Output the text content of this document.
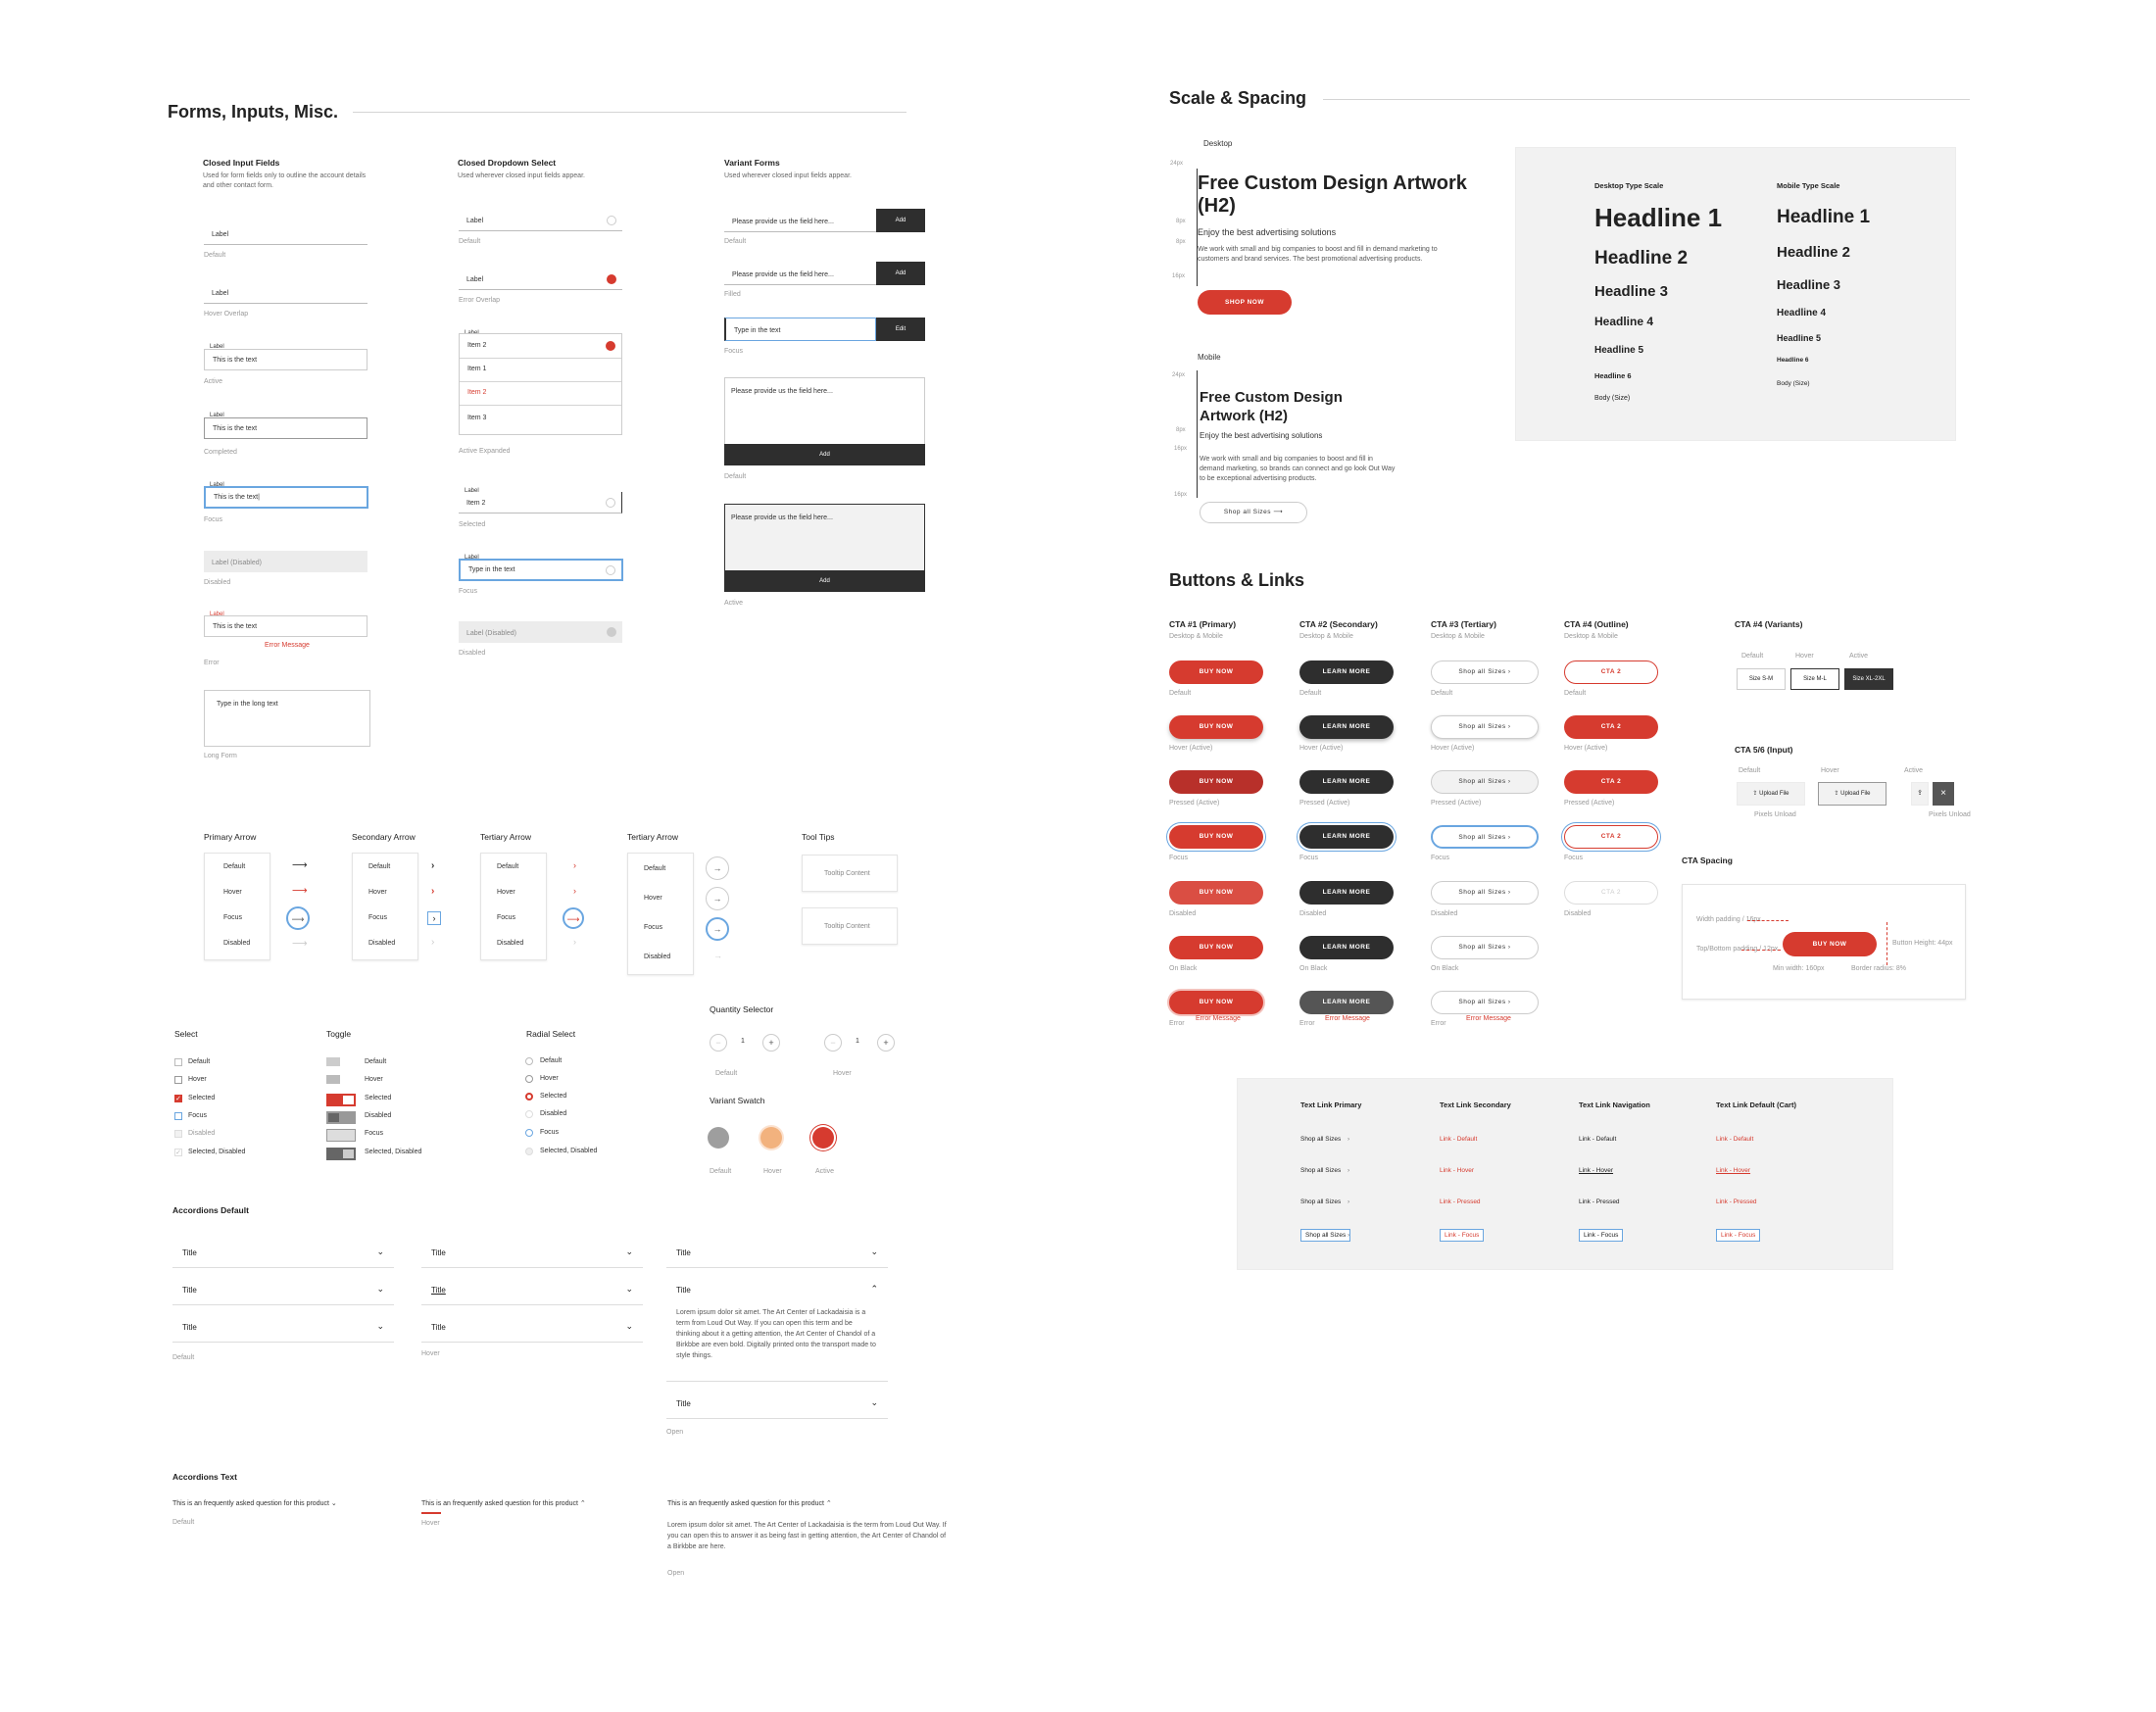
Forms, Inputs, Misc.
Closed Input Fields
Used for form fields only to outline the account details and other contact form.
Label
Default
Label
Hover Overlap
Label
This is the text
Active
Label
This is the text
Completed
Label
This is the text|
Focus
Label (Disabled)
Disabled
Label
This is the text
Error Message
Error
Type in the long text
Long Form
Closed Dropdown Select
Used wherever closed input fields appear.
Label
Default
Label
Error Overlap
Item 2
Item 1
Item 2
Item 3
Active Expanded
Label
Item 2
Selected
Label
Type in the text
Focus
Label (Disabled)
Disabled
Variant Forms
Used wherever closed input fields appear.
Please provide us the field here...	Add
Default
Please provide us the field here...	Add
Filled
Type in the text	Edit
Focus
Please provide us the field here...
Add
Default
Please provide us the field here...
Add
Active
Primary Arrow
Default
Hover
Focus
Disabled
⟶
⟶
⟶
⟶
Secondary Arrow
Default
Hover
Focus
Disabled
›
›
›
›
Tertiary Arrow
Default
Hover
Focus
Disabled
›
›
⟶
›
Tertiary Arrow
Default
Hover
Focus
Disabled
→
→
→
→
Tool Tips
Tooltip Content
Tooltip Content
Select
Default
Hover
✓ Selected
Focus
Disabled
✓ Selected, Disabled
Toggle
Default
Hover
Selected
Disabled
Focus
Selected, Disabled
Radial Select
Default
Hover
Selected
Disabled
Focus
Selected, Disabled
Quantity Selector
−	1	+
Default
−	1	+
Hover
Variant Swatch
Default	Hover	Active
Accordions Default
Title	⌄
Title	⌄
Title	⌄
Default
Title	⌄
Title	⌄
Title	⌄
Hover
Title	⌄
Title	⌃
Lorem ipsum dolor sit amet. The Art Center of Lackadaisia is a term from Loud Out Way. If you can open this term and be thinking about it a getting attention, the Art Center of Chandol of a Birkbbe are even bold. Digitally printed onto the transport made to style things.
Title	⌄
Open
Accordions Text
This is an frequently asked question for this product ⌄
Default
This is an frequently asked question for this product ⌃
Hover
This is an frequently asked question for this product ⌃
Lorem ipsum dolor sit amet. The Art Center of Lackadaisia is the term from Loud Out Way. If you can open this to answer it as being fast in getting attention, the Art Center of Chandol of a Birkbbe are here.
Open
Scale & Spacing
Desktop
24px
8px
8px
16px
Free Custom Design Artwork (H2)
Enjoy the best advertising solutions
We work with small and big companies to boost and fill in demand marketing to customers and brand services. The best promotional advertising products.
SHOP NOW
Mobile
24px
8px
16px
16px
Free Custom Design Artwork (H2)
Enjoy the best advertising solutions
We work with small and big companies to boost and fill in demand marketing, so brands can connect and go look Out Way to be exceptional advertising products.
Shop all Sizes ⟶
Desktop Type Scale
Headline 1
Headline 2
Headline 3
Headline 4
Headline 5
Headline 6
Body (Size)
Mobile Type Scale
Headline 1
Headline 2
Headline 3
Headline 4
Headline 5
Headline 6
Body (Size)
Buttons & Links
CTA #1 (Primary)
Desktop & Mobile
BUY NOW
Default
BUY NOW
Hover (Active)
BUY NOW
Pressed (Active)
BUY NOW
Focus
BUY NOW
Disabled
BUY NOW
On Black
BUY NOW
Error
CTA #2 (Secondary)
Desktop & Mobile
LEARN MORE
Default
LEARN MORE
Hover (Active)
LEARN MORE
Pressed (Active)
LEARN MORE
Focus
LEARN MORE
Disabled
LEARN MORE
On Black
LEARN MORE
Error
CTA #3 (Tertiary)
Desktop & Mobile
Shop all Sizes ›
Default
Shop all Sizes ›
Hover (Active)
Shop all Sizes ›
Pressed (Active)
Shop all Sizes ›
Focus
Shop all Sizes ›
Disabled
Shop all Sizes ›
On Black
Shop all Sizes ›
Error
CTA #4 (Outline)
Desktop & Mobile
CTA 2
Default
CTA 2
Hover (Active)
CTA 2
Pressed (Active)
CTA 2
Focus
CTA 2
Disabled
CTA #4 (Variants)
Default	Hover	Active
Size S-M	Size M-L	Size XL-2XL
CTA 5/6 (Input)
Default	Hover	Active
⇪ Upload File	⇪ Upload File	⇪	×
Pixels Unload	Pixels Unload
CTA Spacing
Width padding / 16px
Top/Bottom padding / 12px
BUY NOW	Button Height: 44px
Min width: 160px	Border radius: 8%
Text Link Primary
Shop all Sizes ›
Shop all Sizes ›
Shop all Sizes ›
Shop all Sizes ›
Text Link Secondary
Link - Default
Link - Hover
Link - Pressed
Link - Focus
Text Link Navigation
Link - Default
Link - Hover
Link - Pressed
Link - Focus
Text Link Default (Cart)
Link - Default
Link - Hover
Link - Pressed
Link - Focus
Error Message	Error Message	Error Message
